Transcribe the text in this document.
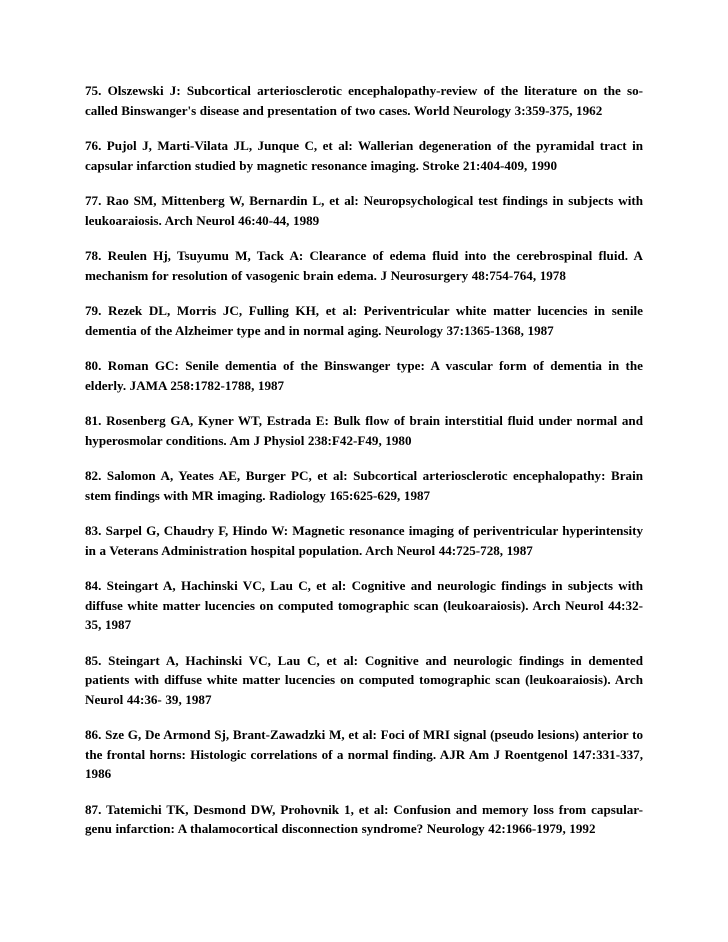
75. Olszewski J: Subcortical arteriosclerotic encephalopathy-review of the literature on the so-called Binswanger's disease and presentation of two cases. World Neurology 3:359-375, 1962

76. Pujol J, Marti-Vilata JL, Junque C, et al: Wallerian degeneration of the pyramidal tract in capsular infarction studied by magnetic resonance imaging. Stroke 21:404-409, 1990

77. Rao SM, Mittenberg W, Bernardin L, et al: Neuropsychological test findings in subjects with leukoaraiosis. Arch Neurol 46:40-44, 1989

78. Reulen Hj, Tsuyumu M, Tack A: Clearance of edema fluid into the cerebrospinal fluid. A mechanism for resolution of vasogenic brain edema. J Neurosurgery 48:754-764, 1978

79. Rezek DL, Morris JC, Fulling KH, et al: Periventricular white matter lucencies in senile dementia of the Alzheimer type and in normal aging. Neurology 37:1365-1368, 1987

80. Roman GC: Senile dementia of the Binswanger type: A vascular form of dementia in the elderly. JAMA 258:1782-1788, 1987

81. Rosenberg GA, Kyner WT, Estrada E: Bulk flow of brain interstitial fluid under normal and hyperosmolar conditions. Am J Physiol 238:F42-F49, 1980

82. Salomon A, Yeates AE, Burger PC, et al: Subcortical arteriosclerotic encephalopathy: Brain stem findings with MR imaging. Radiology 165:625-629, 1987

83. Sarpel G, Chaudry F, Hindo W: Magnetic resonance imaging of periventricular hyperintensity in a Veterans Administration hospital population. Arch Neurol 44:725-728, 1987

84. Steingart A, Hachinski VC, Lau C, et al: Cognitive and neurologic findings in subjects with diffuse white matter lucencies on computed tomographic scan (leukoaraiosis). Arch Neurol 44:32-35, 1987

85. Steingart A, Hachinski VC, Lau C, et al: Cognitive and neurologic findings in demented patients with diffuse white matter lucencies on computed tomographic scan (leukoaraiosis). Arch Neurol 44:36- 39, 1987

86. Sze G, De Armond Sj, Brant-Zawadzki M, et al: Foci of MRI signal (pseudo lesions) anterior to the frontal horns: Histologic correlations of a normal finding. AJR Am J Roentgenol 147:331-337, 1986

87. Tatemichi TK, Desmond DW, Prohovnik 1, et al: Confusion and memory loss from capsular-genu infarction: A thalamocortical disconnection syndrome? Neurology 42:1966-1979, 1992
